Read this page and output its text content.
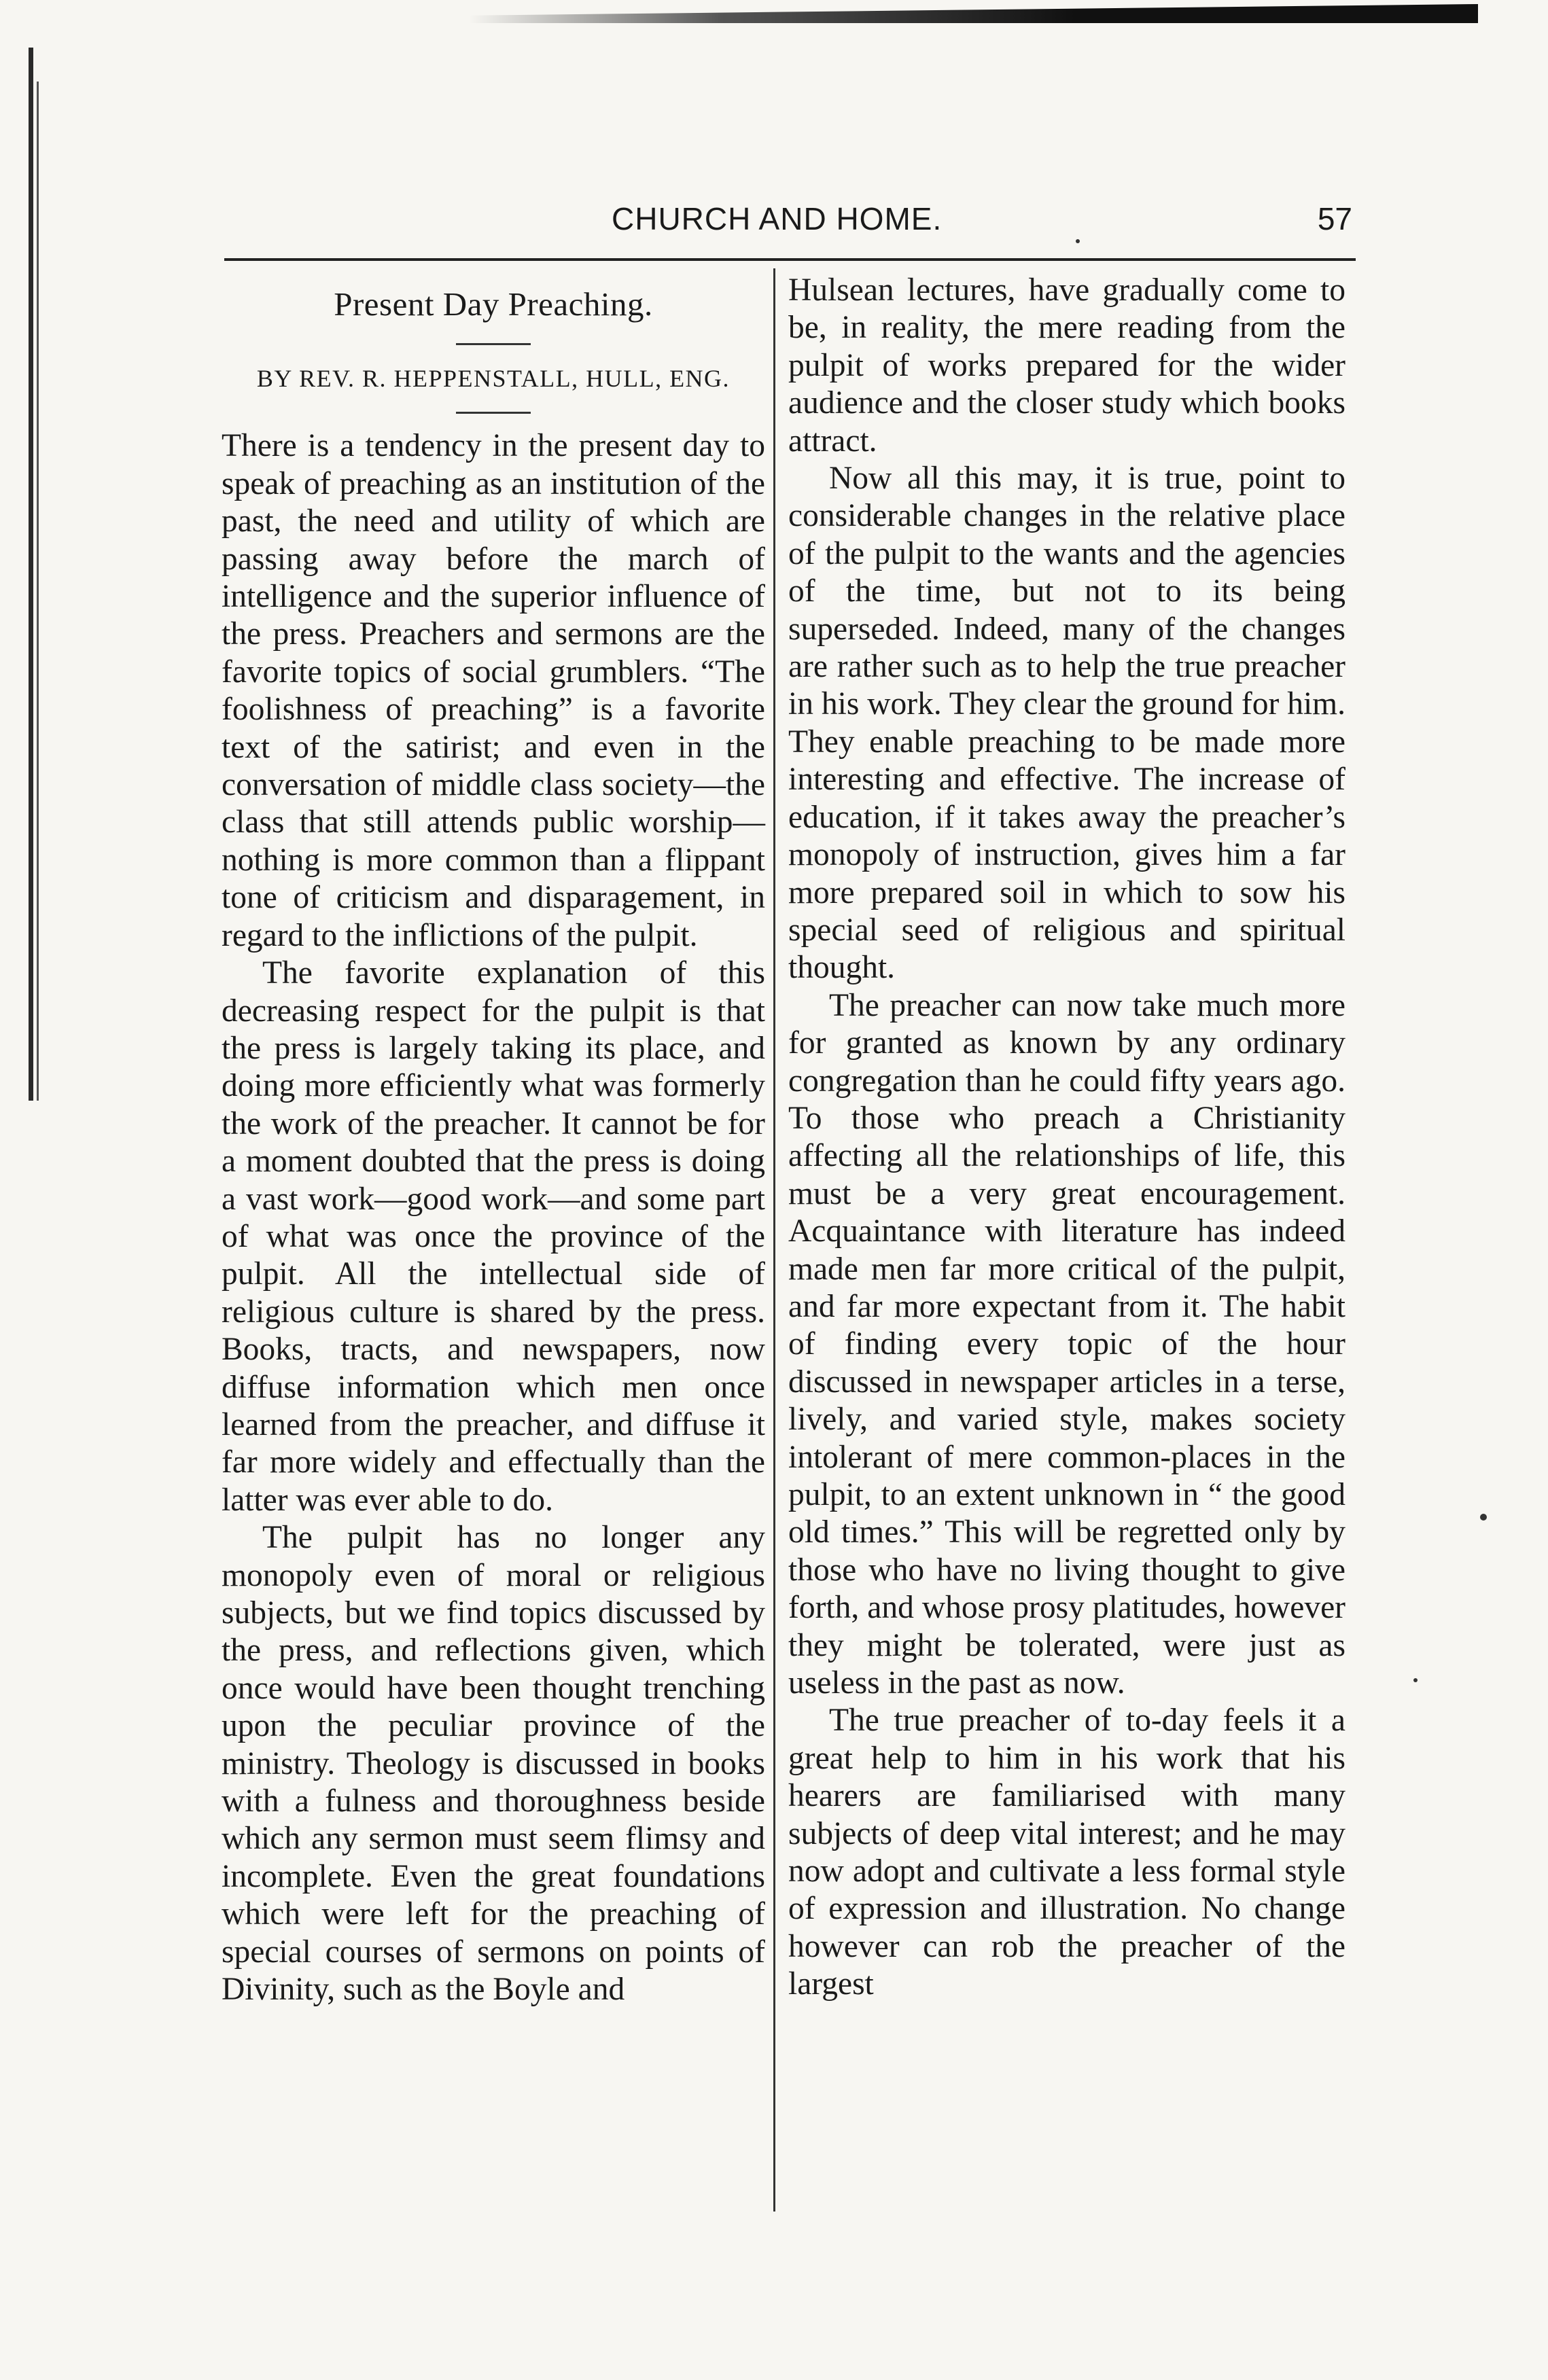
CHURCH AND HOME.	57
Present Day Preaching.
BY REV. R. HEPPENSTALL, HULL, ENG.

There is a tendency in the present day to speak of preaching as an institution of the past, the need and utility of which are passing away before the march of intelligence and the superior influence of the press. Preachers and sermons are the favorite topics of social grumblers. “The foolishness of preaching” is a favorite text of the satirist; and even in the conversation of middle class society—the class that still attends public worship—nothing is more common than a flippant tone of criticism and disparagement, in regard to the inflictions of the pulpit.

The favorite explanation of this decreasing respect for the pulpit is that the press is largely taking its place, and doing more efficiently what was formerly the work of the preacher. It cannot be for a moment doubted that the press is doing a vast work—good work—and some part of what was once the province of the pulpit. All the intellectual side of religious culture is shared by the press. Books, tracts, and newspapers, now diffuse information which men once learned from the preacher, and diffuse it far more widely and effectually than the latter was ever able to do.

The pulpit has no longer any monopoly even of moral or religious subjects, but we find topics discussed by the press, and reflections given, which once would have been thought trenching upon the peculiar province of the ministry. Theology is discussed in books with a fulness and thoroughness beside which any sermon must seem flimsy and incomplete. Even the great foundations which were left for the preaching of special courses of sermons on points of Divinity, such as the Boyle and

Hulsean lectures, have gradually come to be, in reality, the mere reading from the pulpit of works prepared for the wider audience and the closer study which books attract.

Now all this may, it is true, point to considerable changes in the relative place of the pulpit to the wants and the agencies of the time, but not to its being superseded. Indeed, many of the changes are rather such as to help the true preacher in his work. They clear the ground for him. They enable preaching to be made more interesting and effective. The increase of education, if it takes away the preacher’s monopoly of instruction, gives him a far more prepared soil in which to sow his special seed of religious and spiritual thought.

The preacher can now take much more for granted as known by any ordinary congregation than he could fifty years ago. To those who preach a Christianity affecting all the relationships of life, this must be a very great encouragement. Acquaintance with literature has indeed made men far more critical of the pulpit, and far more expectant from it. The habit of finding every topic of the hour discussed in newspaper articles in a terse, lively, and varied style, makes society intolerant of mere common-places in the pulpit, to an extent unknown in “ the good old times.” This will be regretted only by those who have no living thought to give forth, and whose prosy platitudes, however they might be tolerated, were just as useless in the past as now.

The true preacher of to-day feels it a great help to him in his work that his hearers are familiarised with many subjects of deep vital interest; and he may now adopt and cultivate a less formal style of expression and illustration. No change however can rob the preacher of the largest
